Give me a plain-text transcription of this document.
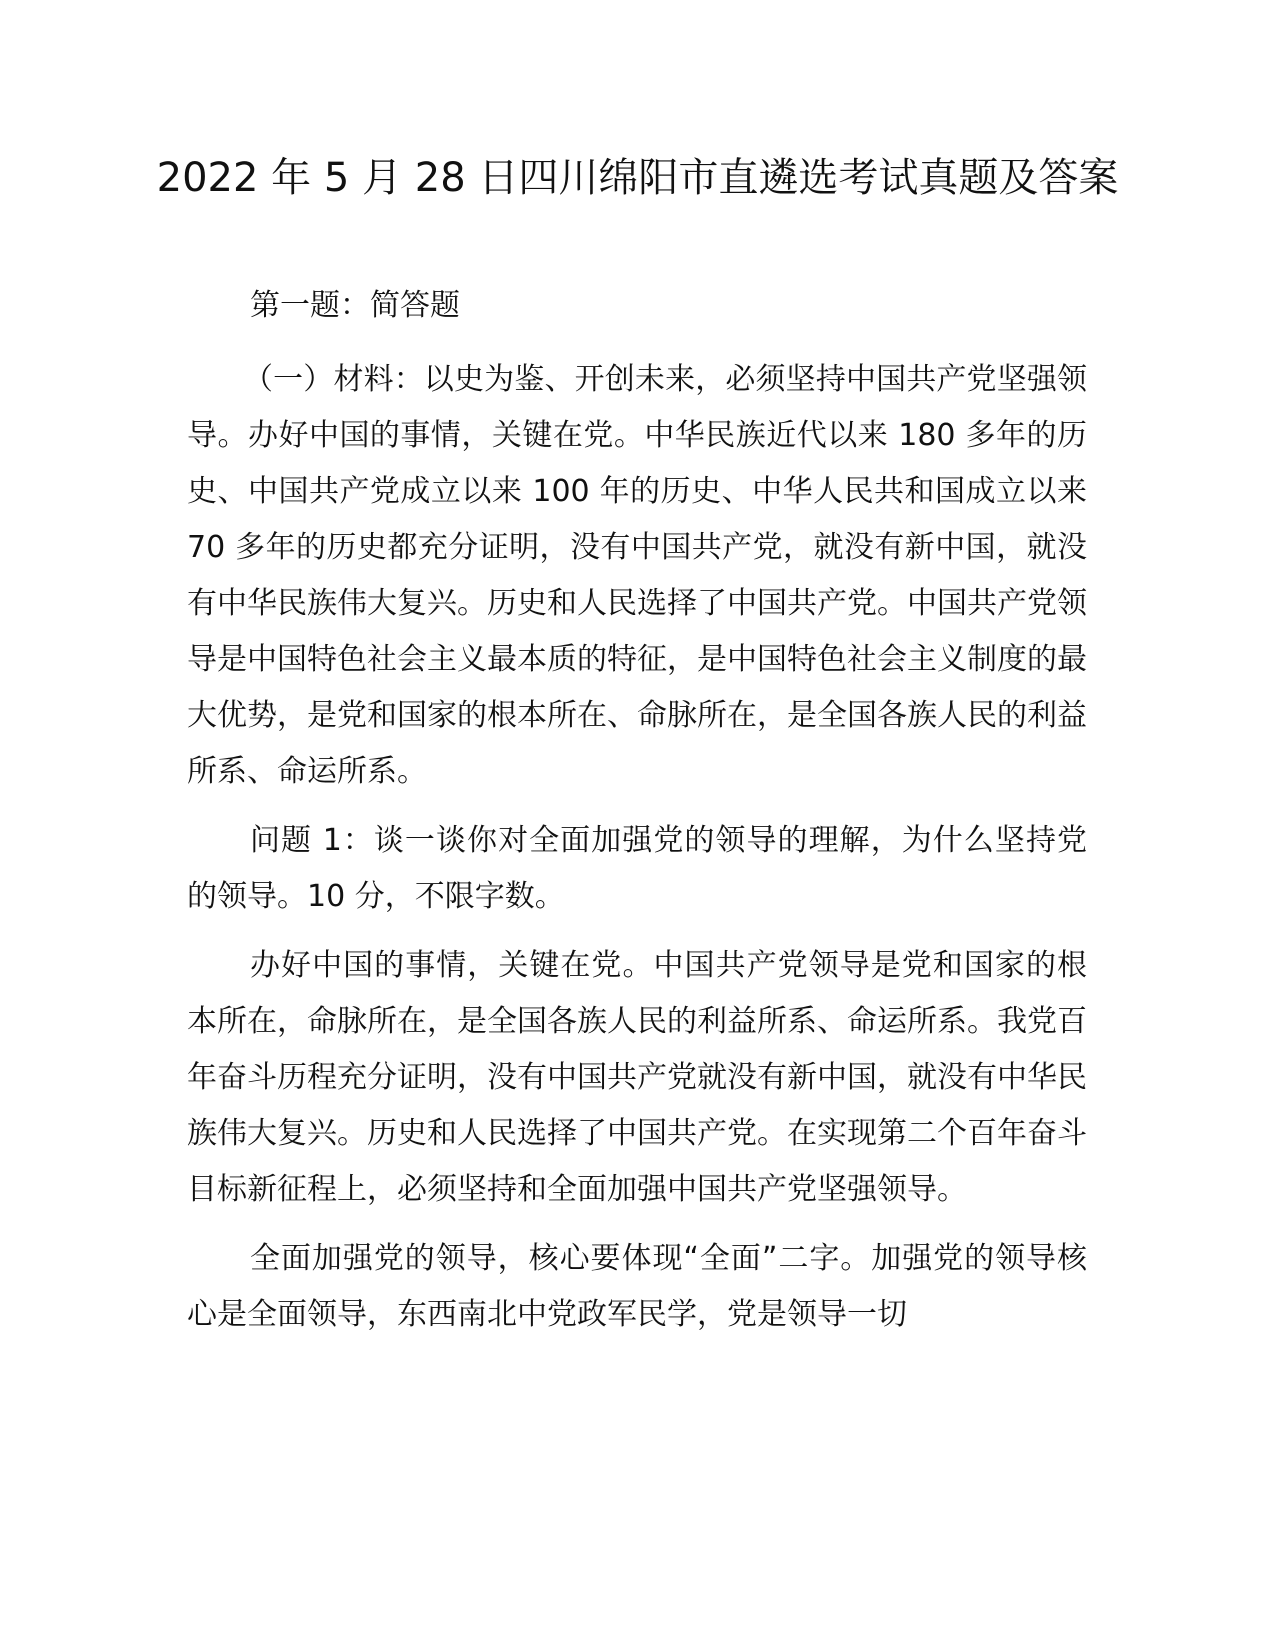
2022 年 5 月 28 日四川绵阳市直遴选考试真题及答案

第一题：简答题

（一）材料：以史为鉴、开创未来，必须坚持中国共产党坚强领导。办好中国的事情，关键在党。中华民族近代以来 180 多年的历史、中国共产党成立以来 100 年的历史、中华人民共和国成立以来 70 多年的历史都充分证明，没有中国共产党，就没有新中国，就没有中华民族伟大复兴。历史和人民选择了中国共产党。中国共产党领导是中国特色社会主义最本质的特征，是中国特色社会主义制度的最大优势，是党和国家的根本所在、命脉所在，是全国各族人民的利益所系、命运所系。

问题 1：谈一谈你对全面加强党的领导的理解，为什么坚持党的领导。10 分，不限字数。

办好中国的事情，关键在党。中国共产党领导是党和国家的根本所在，命脉所在，是全国各族人民的利益所系、命运所系。我党百年奋斗历程充分证明，没有中国共产党就没有新中国，就没有中华民族伟大复兴。历史和人民选择了中国共产党。在实现第二个百年奋斗目标新征程上，必须坚持和全面加强中国共产党坚强领导。

全面加强党的领导，核心要体现“全面”二字。加强党的领导核心是全面领导，东西南北中党政军民学，党是领导一切
